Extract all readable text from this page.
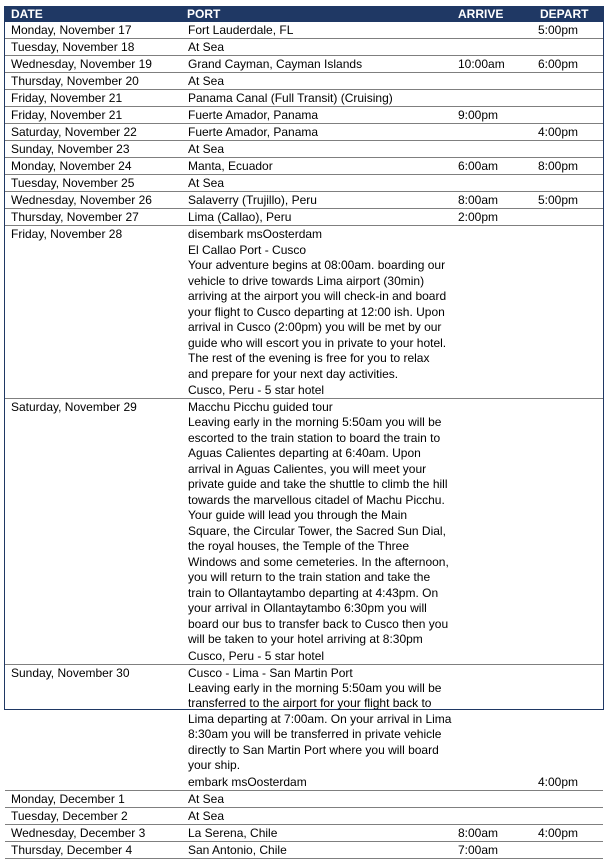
DATE	PORT	ARRIVE	DEPART
Monday, November 17	Fort Lauderdale, FL		5:00pm
Tuesday, November 18	At Sea		
Wednesday, November 19	Grand Cayman, Cayman Islands	10:00am	6:00pm
Thursday, November 20	At Sea		
Friday, November 21	Panama Canal (Full Transit) (Cruising)		
Friday, November 21	Fuerte Amador, Panama	9:00pm	
Saturday, November 22	Fuerte Amador, Panama		4:00pm
Sunday, November 23	At Sea		
Monday, November 24	Manta, Ecuador	6:00am	8:00pm
Tuesday, November 25	At Sea		
Wednesday, November 26	Salaverry (Trujillo), Peru	8:00am	5:00pm
Thursday, November 27	Lima (Callao), Peru	2:00pm	
Friday, November 28	disembark msOosterdam
El Callao Port - Cusco
Your adventure begins at 08:00am. boarding our vehicle to drive towards Lima airport (30min) arriving at the airport you will check-in and board your flight to Cusco departing at 12:00 ish. Upon arrival in Cusco (2:00pm) you will be met by our guide who will escort you in private to your hotel. The rest of the evening is free for you to relax and prepare for your next day activities.
Cusco, Peru - 5 star hotel		

Saturday, November 29	Macchu Picchu guided tour
Leaving early in the morning 5:50am you will be escorted to the train station to board the train to Aguas Calientes departing at 6:40am. Upon arrival in Aguas Calientes, you will meet your private guide and take the shuttle to climb the hill towards the marvellous citadel of Machu Picchu. Your guide will lead you through the Main Square, the Circular Tower, the Sacred Sun Dial, the royal houses, the Temple of the Three Windows and some cemeteries. In the afternoon, you will return to the train station and take the train to Ollantaytambo departing at 4:43pm. On your arrival in Ollantaytambo 6:30pm you will board our bus to transfer back to Cusco then you will be taken to your hotel arriving at 8:30pm
Cusco, Peru - 5 star hotel		

Sunday, November 30	Cusco - Lima - San Martin Port
Leaving early in the morning 5:50am you will be transferred to the airport for your flight back to Lima departing at 7:00am. On your arrival in Lima 8:30am you will be transferred in private vehicle directly to San Martin Port where you will board your ship.
embark msOosterdam		4:00pm

Monday, December 1	At Sea		
Tuesday, December 2	At Sea		
Wednesday, December 3	La Serena, Chile	8:00am	4:00pm
Thursday, December 4	San Antonio, Chile	7:00am	
